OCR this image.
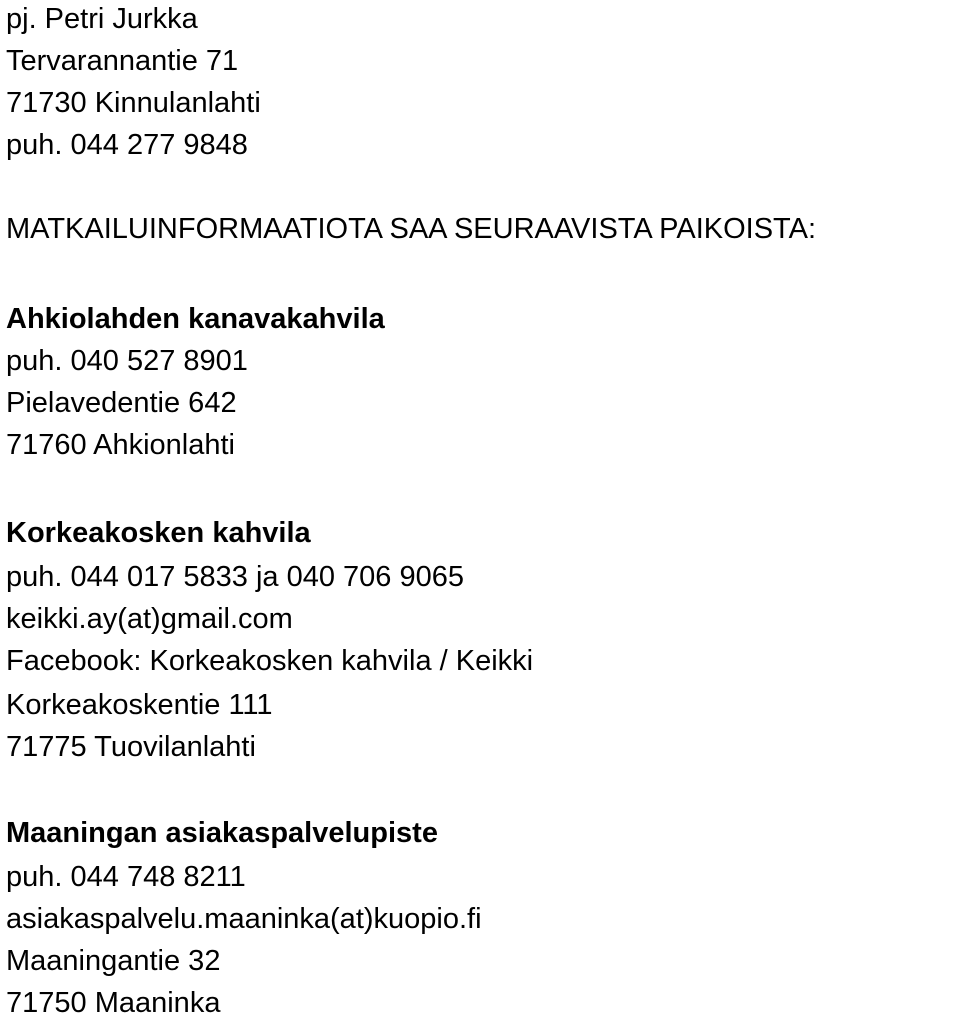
pj. Petri Jurkka

Tervarannantie 71

71730 Kinnulanlahti

puh. 044 277 9848

MATKAILUINFORMAATIOTA SAA SEURAAVISTA PAIKOISTA:

Ahkiolahden kanavakahvila

puh. 040 527 8901

Pielavedentie 642

71760 Ahkionlahti

Korkeakosken kahvila

puh. 044 017 5833 ja 040 706 9065

keikki.ay(at)gmail.com

Facebook: Korkeakosken kahvila / Keikki

Korkeakoskentie 111

71775 Tuovilanlahti

Maaningan asiakaspalvelupiste

puh. 044 748 8211

asiakaspalvelu.maaninka(at)kuopio.fi

Maaningantie 32

71750 Maaninka
